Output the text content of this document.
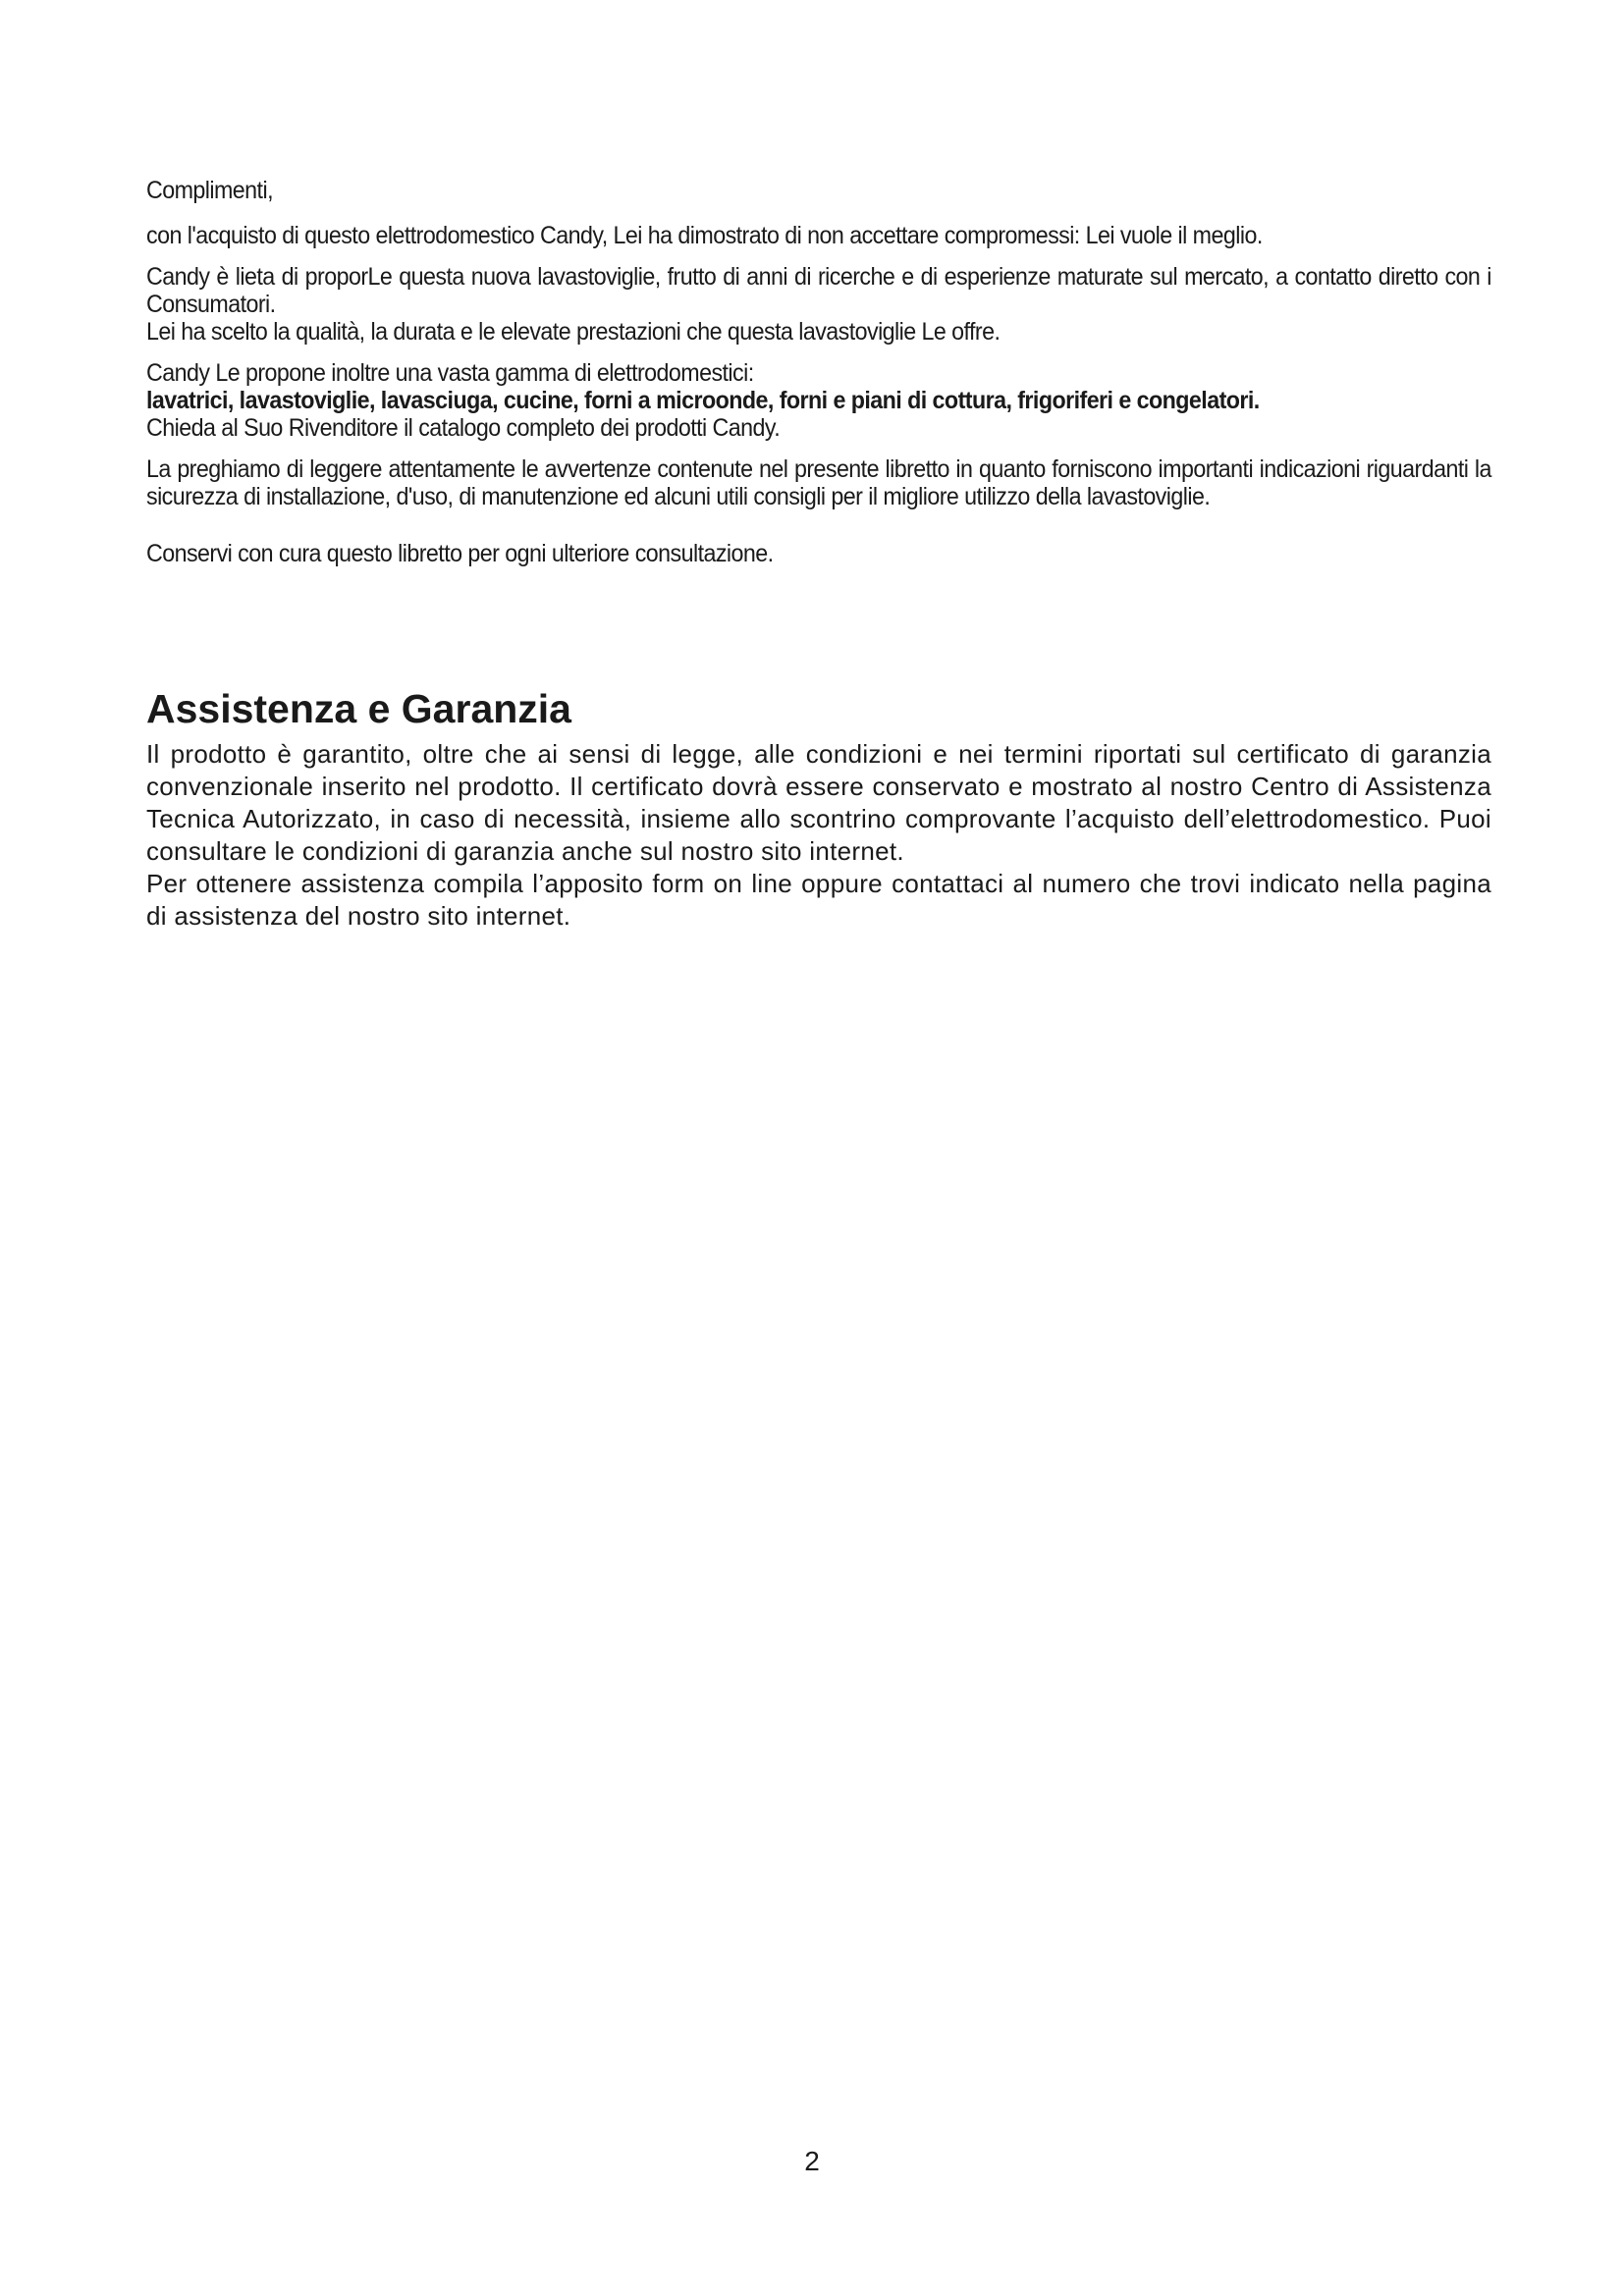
Complimenti,

con l'acquisto di questo elettrodomestico Candy, Lei ha dimostrato di non accettare compromessi: Lei vuole il meglio.

Candy è lieta di proporLe questa nuova lavastoviglie, frutto di anni di ricerche e di esperienze maturate sul mercato, a contatto diretto con i Consumatori.
Lei ha scelto la qualità, la durata e le elevate prestazioni che questa lavastoviglie Le offre.

Candy Le propone inoltre una vasta gamma di elettrodomestici:
lavatrici, lavastoviglie, lavasciuga, cucine, forni a microonde, forni e piani di cottura, frigoriferi e congelatori.
Chieda al Suo Rivenditore il catalogo completo dei prodotti Candy.

La preghiamo di leggere attentamente le avvertenze contenute nel presente libretto in quanto forniscono importanti indicazioni riguardanti la sicurezza di installazione, d'uso, di manutenzione ed alcuni utili consigli per il migliore utilizzo della lavastoviglie.

Conservi con cura questo libretto per ogni ulteriore consultazione.

Assistenza e Garanzia

Il prodotto è garantito, oltre che ai sensi di legge, alle condizioni e nei termini riportati sul certificato di garanzia convenzionale inserito nel prodotto. Il certificato dovrà essere conservato e mostrato al nostro Centro di Assistenza Tecnica Autorizzato, in caso di necessità, insieme allo scontrino comprovante l’acquisto dell’elettrodomestico. Puoi consultare le condizioni di garanzia anche sul nostro sito internet.

Per ottenere assistenza compila l’apposito form on line oppure contattaci al numero che trovi indicato nella pagina di assistenza del nostro sito internet.

2
